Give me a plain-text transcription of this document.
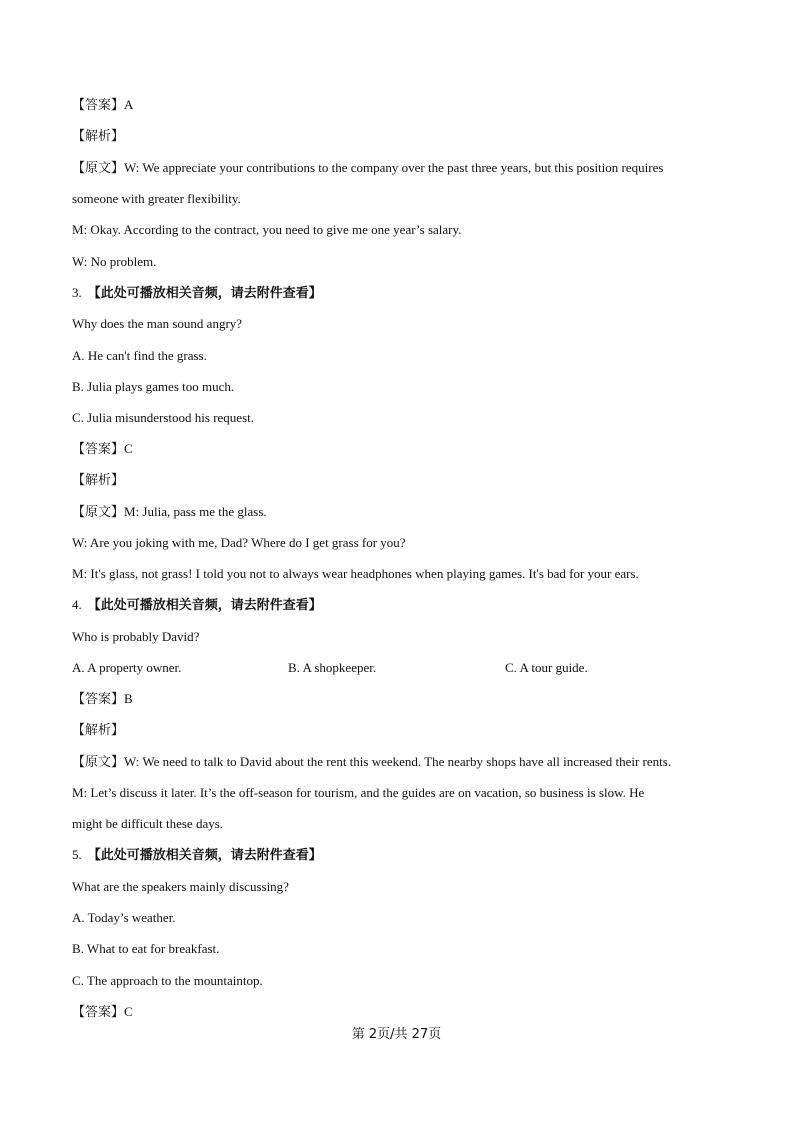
【答案】A
【解析】
【原文】W: We appreciate your contributions to the company over the past three years, but this position requires
someone with greater flexibility.
M: Okay. According to the contract, you need to give me one year’s salary.
W: No problem.
3. 【此处可播放相关音频，请去附件查看】
Why does the man sound angry?
A. He can't find the grass.
B. Julia plays games too much.
C. Julia misunderstood his request.
【答案】C
【解析】
【原文】M: Julia, pass me the glass.
W: Are you joking with me, Dad? Where do I get grass for you?
M: It's glass, not grass! I told you not to always wear headphones when playing games. It's bad for your ears.
4. 【此处可播放相关音频，请去附件查看】
Who is probably David?
A. A property owner.	B. A shopkeeper.	C. A tour guide.
【答案】B
【解析】
【原文】W: We need to talk to David about the rent this weekend. The nearby shops have all increased their rents.
M: Let’s discuss it later. It’s the off-season for tourism, and the guides are on vacation, so business is slow. He
might be difficult these days.
5. 【此处可播放相关音频，请去附件查看】
What are the speakers mainly discussing?
A. Today’s weather.
B. What to eat for breakfast.
C. The approach to the mountaintop.
【答案】C
第 2页/共 27页
